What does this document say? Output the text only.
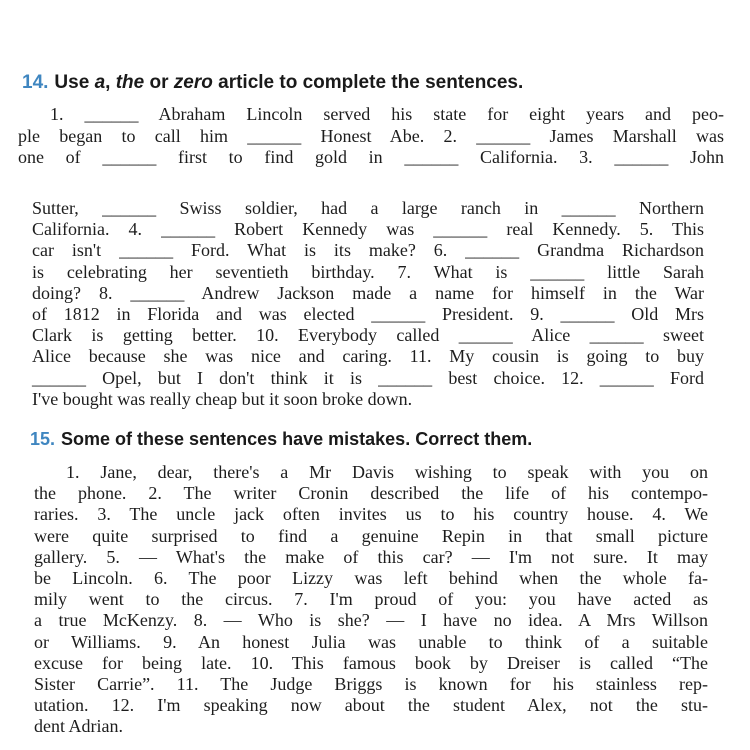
14. Use a, the or zero article to complete the sentences.
1. ______ Abraham Lincoln served his state for eight years and peo-
ple began to call him ______ Honest Abe. 2. ______ James Marshall was
one of ______ first to find gold in ______ California. 3. ______ John
Sutter, ______ Swiss soldier, had a large ranch in ______ Northern
California. 4. ______ Robert Kennedy was ______ real Kennedy. 5. This
car isn't ______ Ford. What is its make? 6. ______ Grandma Richardson
is celebrating her seventieth birthday. 7. What is ______ little Sarah
doing? 8. ______ Andrew Jackson made a name for himself in the War
of 1812 in Florida and was elected ______ President. 9. ______ Old Mrs
Clark is getting better. 10. Everybody called ______ Alice ______ sweet
Alice because she was nice and caring. 11. My cousin is going to buy
______ Opel, but I don't think it is ______ best choice. 12. ______ Ford
I've bought was really cheap but it soon broke down.
15. Some of these sentences have mistakes. Correct them.
1. Jane, dear, there's a Mr Davis wishing to speak with you on
the phone. 2. The writer Cronin described the life of his contempo-
raries. 3. The uncle jack often invites us to his country house. 4. We
were quite surprised to find a genuine Repin in that small picture
gallery. 5. — What's the make of this car? — I'm not sure. It may
be Lincoln. 6. The poor Lizzy was left behind when the whole fa-
mily went to the circus. 7. I'm proud of you: you have acted as
a true McKenzy. 8. — Who is she? — I have no idea. A Mrs Willson
or Williams. 9. An honest Julia was unable to think of a suitable
excuse for being late. 10. This famous book by Dreiser is called “The
Sister Carrie”. 11. The Judge Briggs is known for his stainless rep-
utation. 12. I'm speaking now about the student Alex, not the stu-
dent Adrian.
